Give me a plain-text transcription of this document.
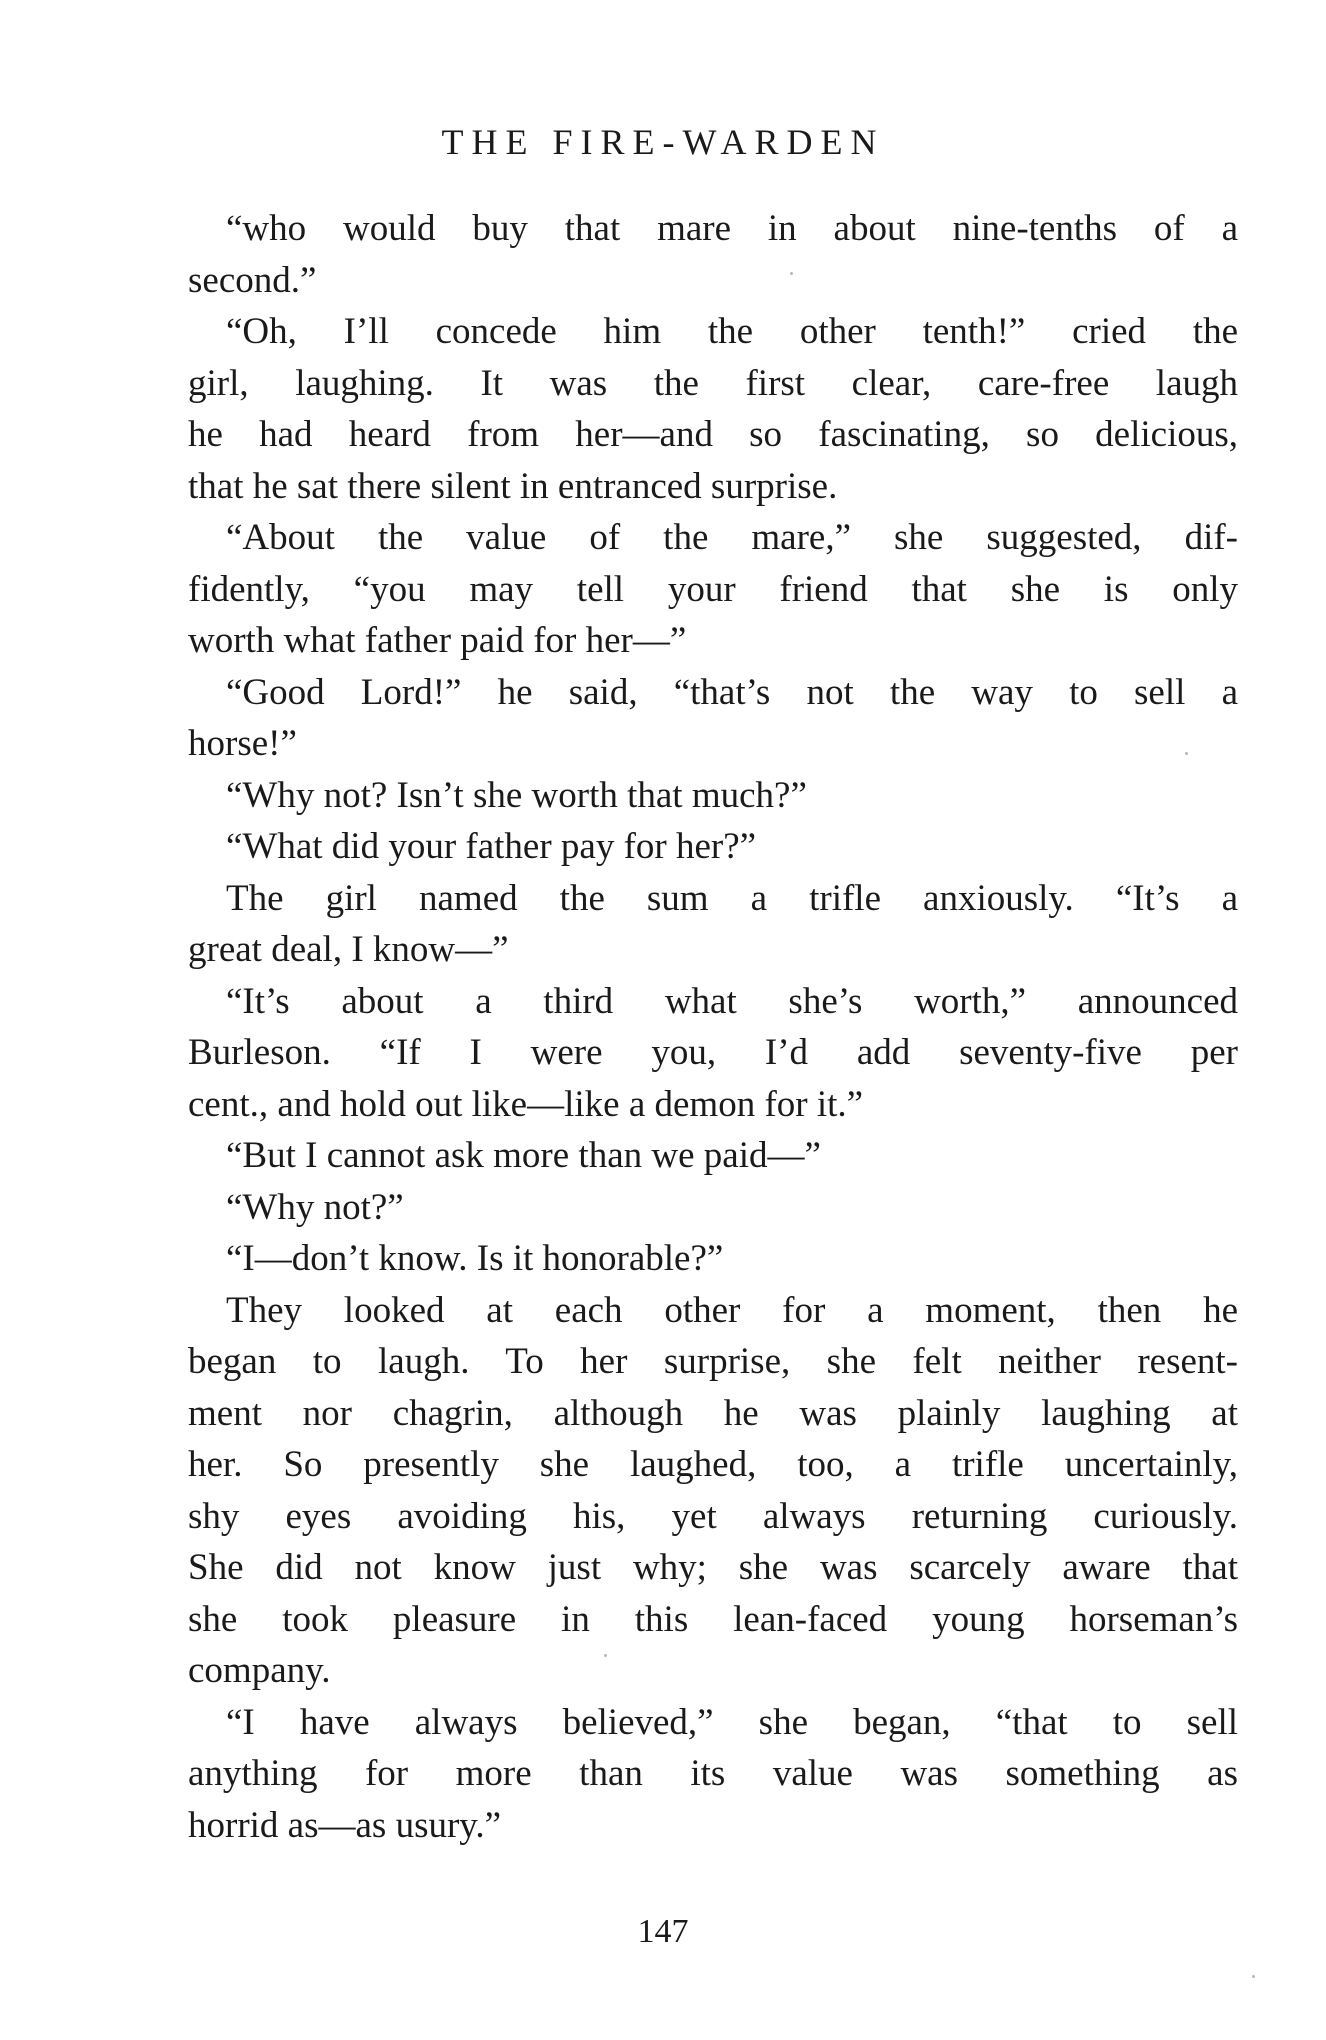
THE FIRE-WARDEN
“who would buy that mare in about nine-tenths of a
second.”
“Oh, I’ll concede him the other tenth!” cried the
girl, laughing. It was the first clear, care-free laugh
he had heard from her—and so fascinating, so delicious,
that he sat there silent in entranced surprise.
“About the value of the mare,” she suggested, dif-
fidently, “you may tell your friend that she is only
worth what father paid for her—”
“Good Lord!” he said, “that’s not the way to sell a
horse!”
“Why not? Isn’t she worth that much?”
“What did your father pay for her?”
The girl named the sum a trifle anxiously. “It’s a
great deal, I know—”
“It’s about a third what she’s worth,” announced
Burleson. “If I were you, I’d add seventy-five per
cent., and hold out like—like a demon for it.”
“But I cannot ask more than we paid—”
“Why not?”
“I—don’t know. Is it honorable?”
They looked at each other for a moment, then he
began to laugh. To her surprise, she felt neither resent-
ment nor chagrin, although he was plainly laughing at
her. So presently she laughed, too, a trifle uncertainly,
shy eyes avoiding his, yet always returning curiously.
She did not know just why; she was scarcely aware that
she took pleasure in this lean-faced young horseman’s
company.
“I have always believed,” she began, “that to sell
anything for more than its value was something as
horrid as—as usury.”
147
